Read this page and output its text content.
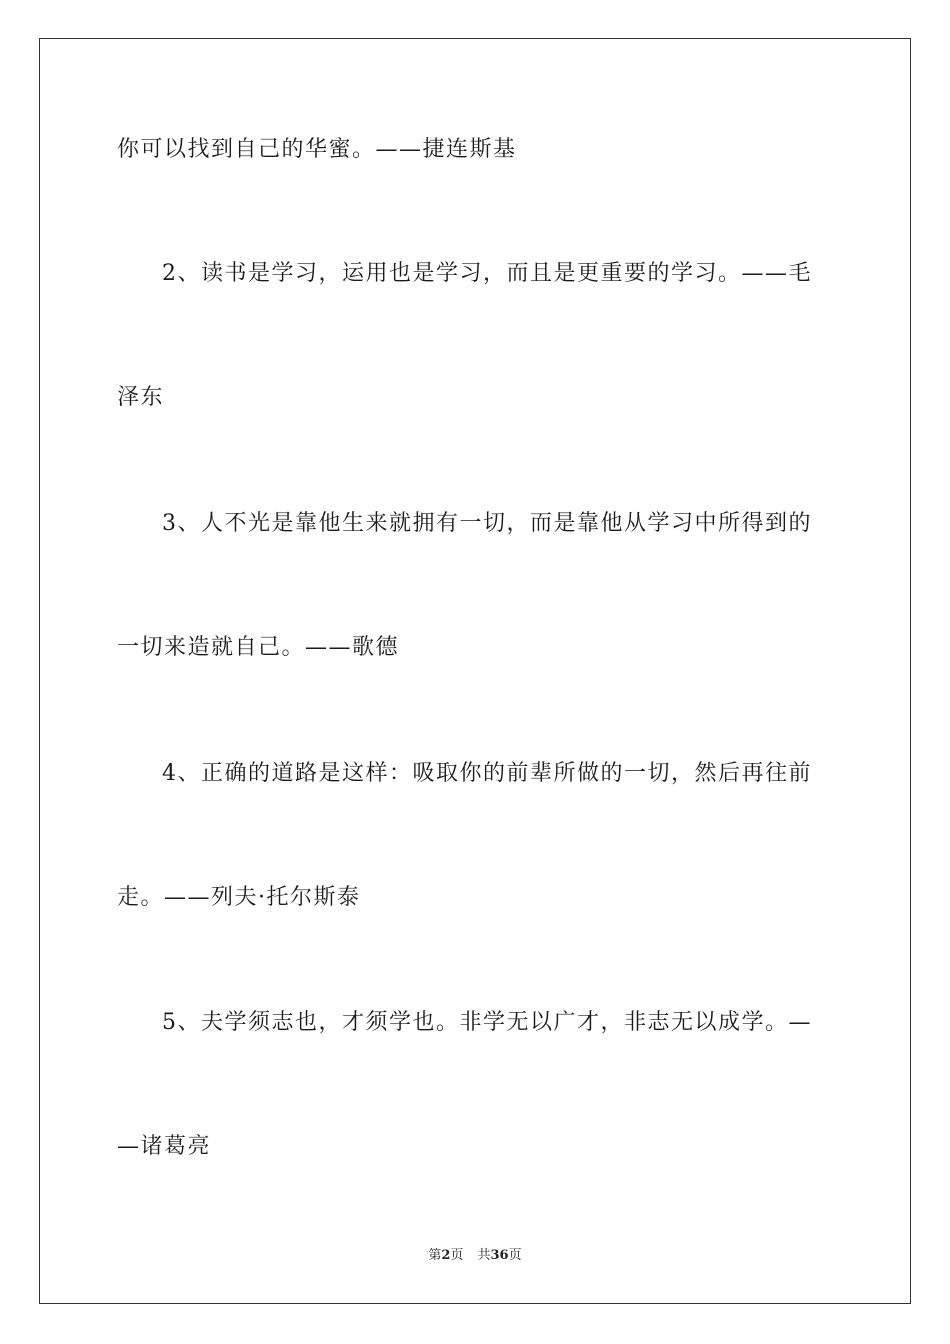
你可以找到自己的华蜜。——捷连斯基
2、读书是学习，运用也是学习，而且是更重要的学习。——毛
泽东
3、人不光是靠他生来就拥有一切，而是靠他从学习中所得到的
一切来造就自己。——歌德
4、正确的道路是这样：吸取你的前辈所做的一切，然后再往前
走。——列夫·托尔斯泰
5、夫学须志也，才须学也。非学无以广才，非志无以成学。—
—诸葛亮
第2页 共36页
